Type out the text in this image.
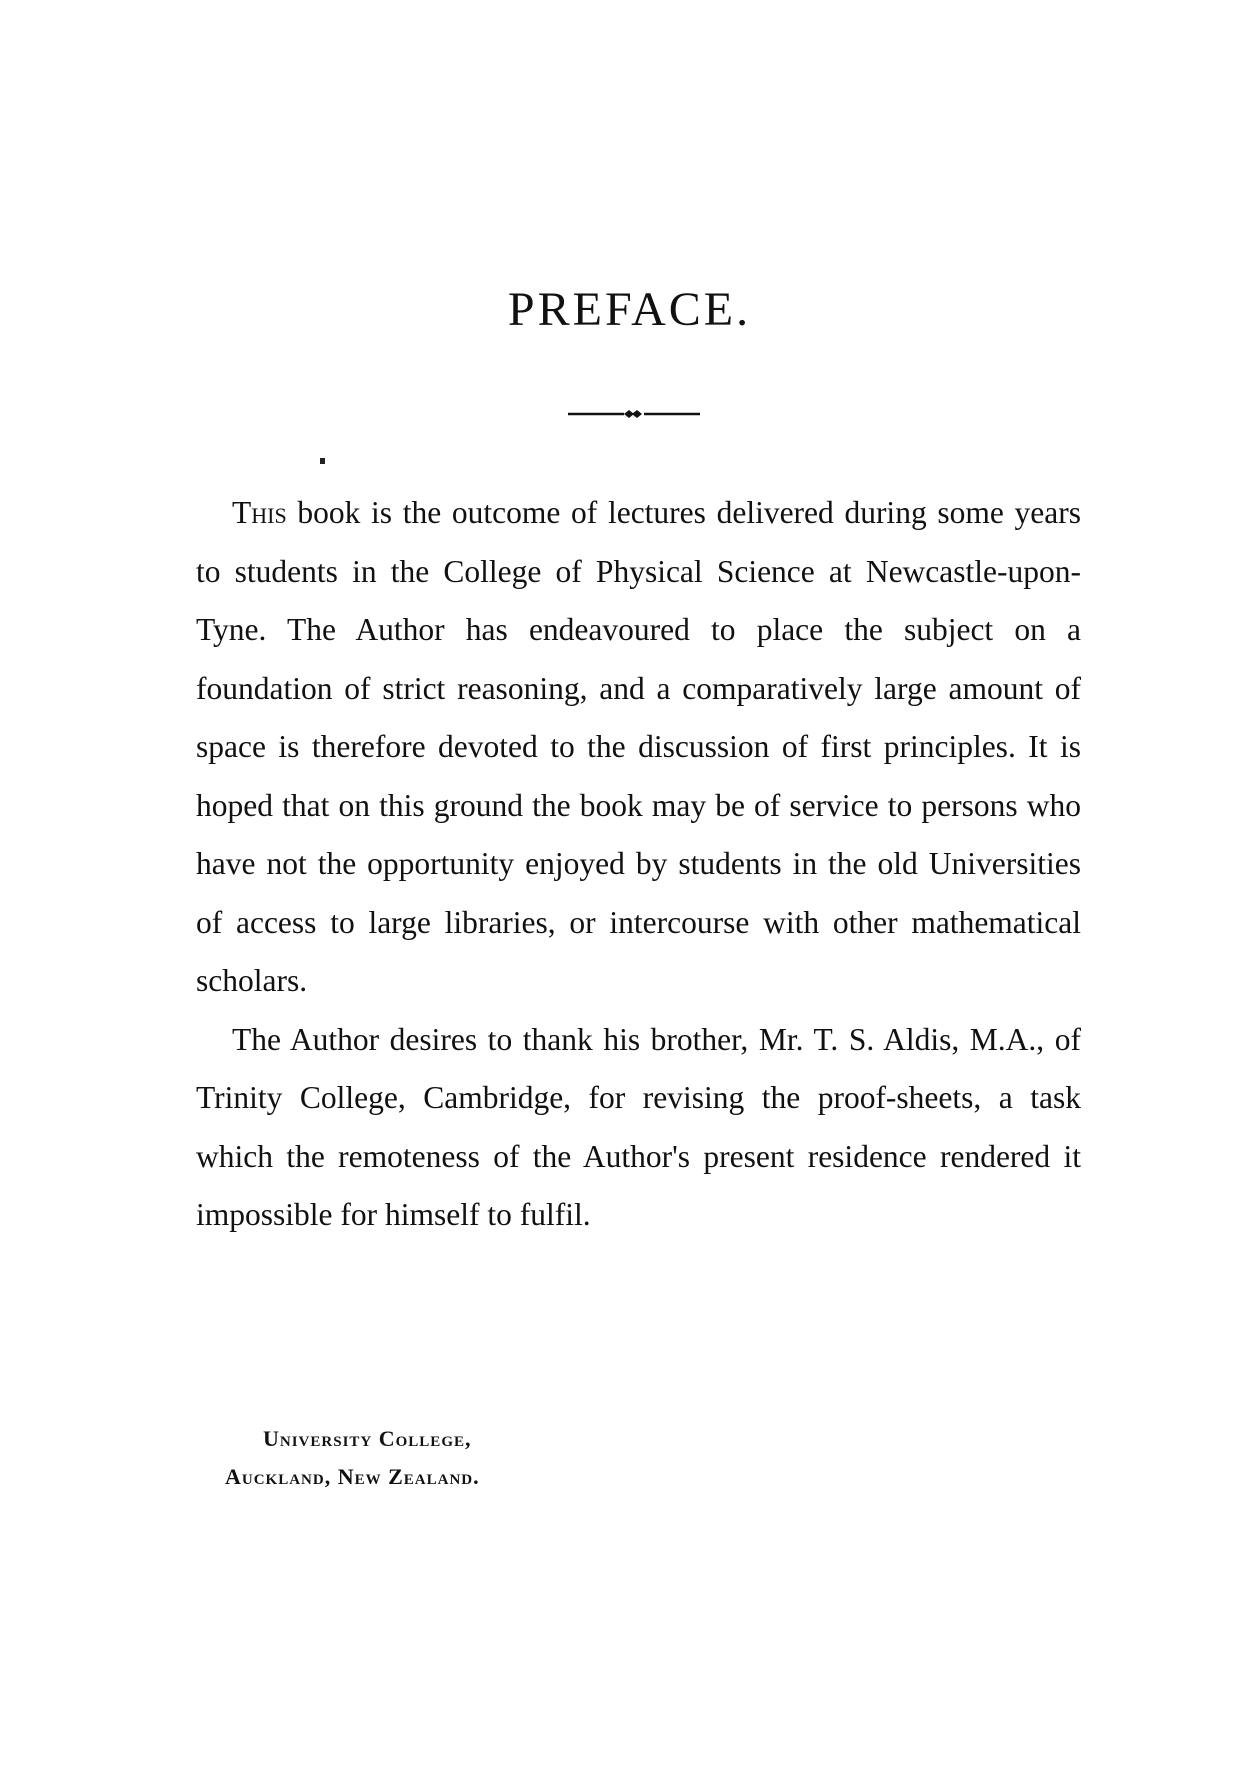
PREFACE.

This book is the outcome of lectures delivered during some years to students in the College of Physical Science at Newcastle-upon-Tyne. The Author has endeavoured to place the subject on a foundation of strict reasoning, and a comparatively large amount of space is therefore devoted to the discussion of first principles. It is hoped that on this ground the book may be of service to persons who have not the opportunity enjoyed by students in the old Universities of access to large libraries, or intercourse with other mathematical scholars.

The Author desires to thank his brother, Mr. T. S. Aldis, M.A., of Trinity College, Cambridge, for revising the proof-sheets, a task which the remoteness of the Author's present residence rendered it impossible for himself to fulfil.

University College,
Auckland, New Zealand.
